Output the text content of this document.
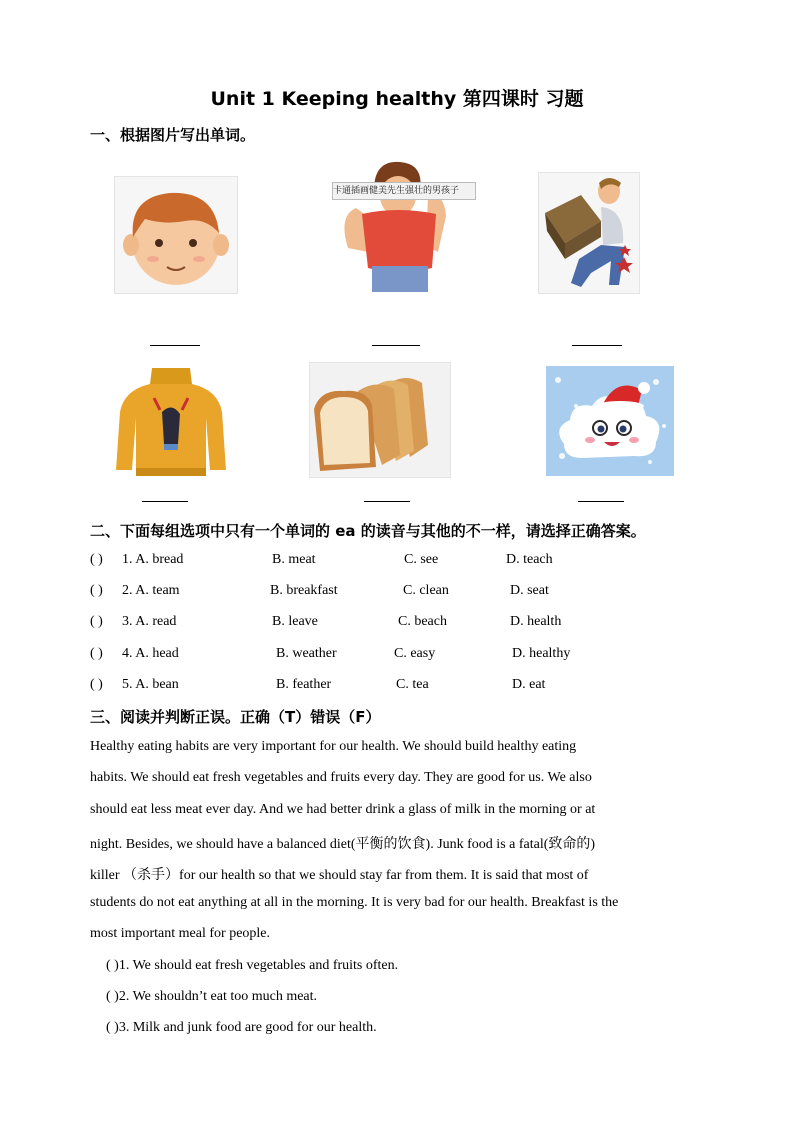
Unit 1 Keeping healthy 第四课时 习题
一、根据图片写出单词。
卡通插画健美先生强壮的男孩子
二、下面每组选项中只有一个单词的 ea 的读音与其他的不一样，请选择正确答案。
( ) 1. A. bread	B. meat	C. see	D. teach
( ) 2. A. team	B. breakfast	C. clean	D. seat
( ) 3. A. read	B. leave	C. beach	D. health
( ) 4. A. head	B. weather	C. easy	D. healthy
( ) 5. A. bean	B. feather	C. tea	D. eat
三、阅读并判断正误。正确（T）错误（F）
Healthy eating habits are very important for our health. We should build healthy eating
habits. We should eat fresh vegetables and fruits every day. They are good for us. We also
should eat less meat ever day. And we had better drink a glass of milk in the morning or at
night. Besides, we should have a balanced diet(平衡的饮食). Junk food is a fatal(致命的)
killer （杀手）for our health so that we should stay far from them. It is said that most of
students do not eat anything at all in the morning. It is very bad for our health. Breakfast is the
most important meal for people.
( )1. We should eat fresh vegetables and fruits often.
( )2. We shouldn’t eat too much meat.
( )3. Milk and junk food are good for our health.
